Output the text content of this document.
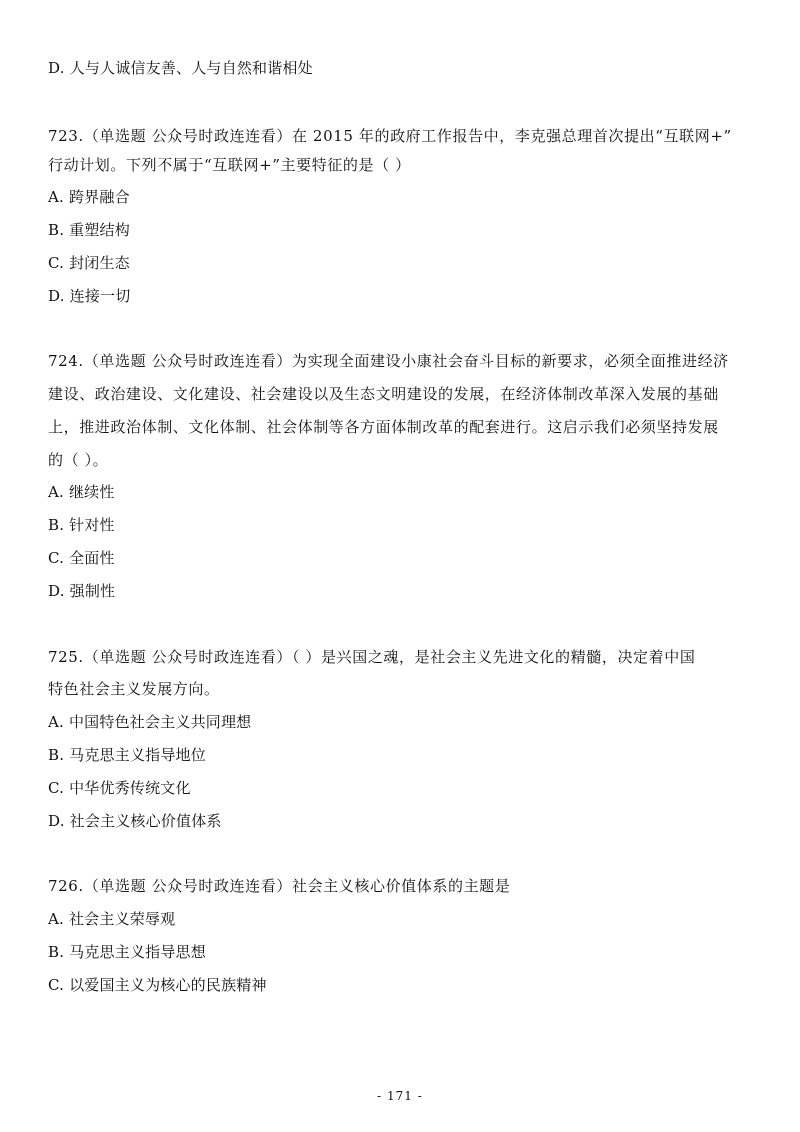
D. 人与人诚信友善、人与自然和谐相处
723.（单选题 公众号时政连连看）在 2015 年的政府工作报告中，李克强总理首次提出“互联网+”
行动计划。下列不属于“互联网+”主要特征的是（ ）
A. 跨界融合
B. 重塑结构
C. 封闭生态
D. 连接一切
724.（单选题 公众号时政连连看）为实现全面建设小康社会奋斗目标的新要求，必须全面推进经济
建设、政治建设、文化建设、社会建设以及生态文明建设的发展，在经济体制改革深入发展的基础
上，推进政治体制、文化体制、社会体制等各方面体制改革的配套进行。这启示我们必须坚持发展
的（ ）。
A. 继续性
B. 针对性
C. 全面性
D. 强制性
725.（单选题 公众号时政连连看）（ ）是兴国之魂，是社会主义先进文化的精髓，决定着中国
特色社会主义发展方向。
A. 中国特色社会主义共同理想
B. 马克思主义指导地位
C. 中华优秀传统文化
D. 社会主义核心价值体系
726.（单选题 公众号时政连连看）社会主义核心价值体系的主题是
A. 社会主义荣辱观
B. 马克思主义指导思想
C. 以爱国主义为核心的民族精神
- 171 -
